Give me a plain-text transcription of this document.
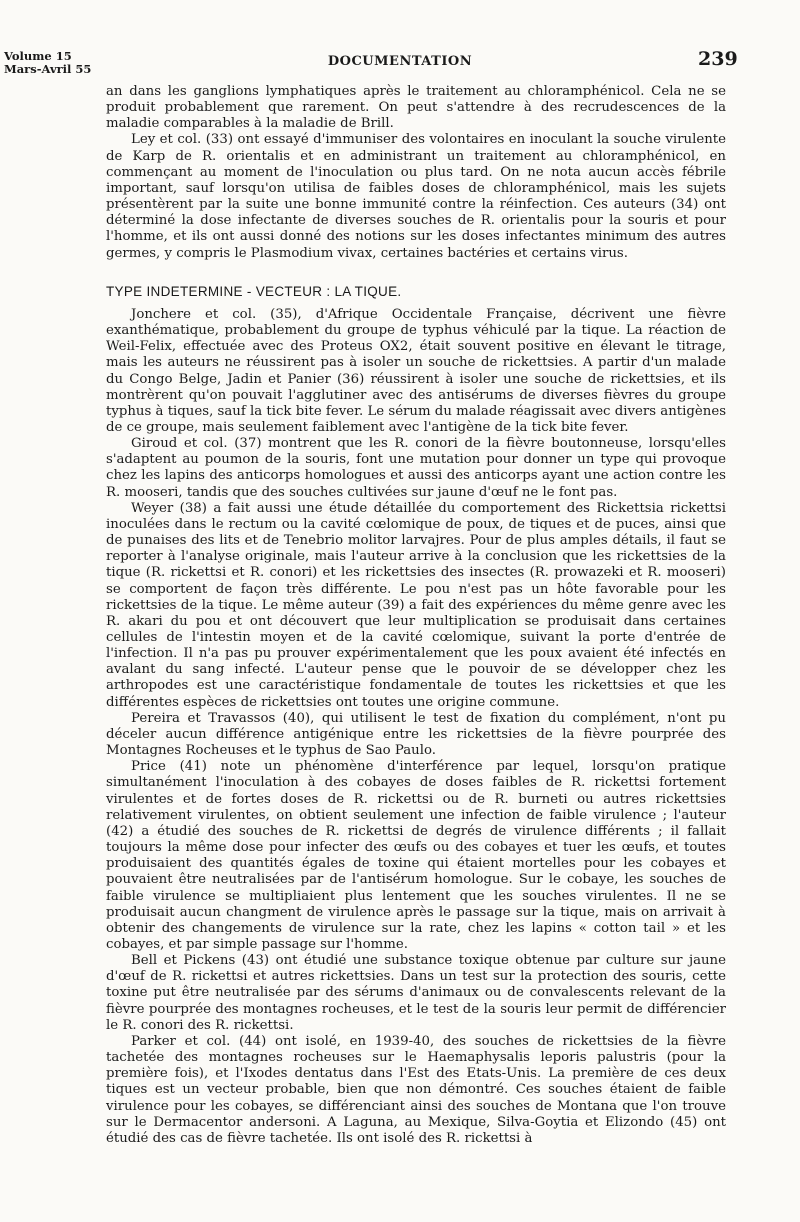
Volume 15
Mars-Avril 55	DOCUMENTATION	239

an dans les ganglions lymphatiques après le traitement au chloramphénicol. Cela ne se produit probablement que rarement. On peut s'attendre à des recrudescences de la maladie comparables à la maladie de Brill.

Ley et col. (33) ont essayé d'immuniser des volontaires en inoculant la souche virulente de Karp de R. orientalis et en administrant un traitement au chloramphénicol, en commençant au moment de l'inoculation ou plus tard. On ne nota aucun accès fébrile important, sauf lorsqu'on utilisa de faibles doses de chloramphénicol, mais les sujets présentèrent par la suite une bonne immunité contre la réinfection. Ces auteurs (34) ont déterminé la dose infectante de diverses souches de R. orientalis pour la souris et pour l'homme, et ils ont aussi donné des notions sur les doses infectantes minimum des autres germes, y compris le Plasmodium vivax, certaines bactéries et certains virus.

TYPE INDETERMINE - VECTEUR : LA TIQUE.

Jonchere et col. (35), d'Afrique Occidentale Française, décrivent une fièvre exanthématique, probablement du groupe de typhus véhiculé par la tique. La réaction de Weil-Felix, effectuée avec des Proteus OX2, était souvent positive en élevant le titrage, mais les auteurs ne réussirent pas à isoler un souche de rickettsies. A partir d'un malade du Congo Belge, Jadin et Panier (36) réussirent à isoler une souche de rickettsies, et ils montrèrent qu'on pouvait l'agglutiner avec des antisérums de diverses fièvres du groupe typhus à tiques, sauf la tick bite fever. Le sérum du malade réagissait avec divers antigènes de ce groupe, mais seulement faiblement avec l'antigène de la tick bite fever.

Giroud et col. (37) montrent que les R. conori de la fièvre boutonneuse, lorsqu'elles s'adaptent au poumon de la souris, font une mutation pour donner un type qui provoque chez les lapins des anticorps homologues et aussi des anticorps ayant une action contre les R. mooseri, tandis que des souches cultivées sur jaune d'œuf ne le font pas.

Weyer (38) a fait aussi une étude détaillée du comportement des Rickettsia rickettsi inoculées dans le rectum ou la cavité cœlomique de poux, de tiques et de puces, ainsi que de punaises des lits et de Tenebrio molitor larvajres. Pour de plus amples détails, il faut se reporter à l'analyse originale, mais l'auteur arrive à la conclusion que les rickettsies de la tique (R. rickettsi et R. conori) et les rickettsies des insectes (R. prowazeki et R. mooseri) se comportent de façon très différente. Le pou n'est pas un hôte favorable pour les rickettsies de la tique. Le même auteur (39) a fait des expériences du même genre avec les R. akari du pou et ont découvert que leur multiplication se produisait dans certaines cellules de l'intestin moyen et de la cavité cœlomique, suivant la porte d'entrée de l'infection. Il n'a pas pu prouver expérimentalement que les poux avaient été infectés en avalant du sang infecté. L'auteur pense que le pouvoir de se développer chez les arthropodes est une caractéristique fondamentale de toutes les rickettsies et que les différentes espèces de rickettsies ont toutes une origine commune.

Pereira et Travassos (40), qui utilisent le test de fixation du complément, n'ont pu déceler aucun différence antigénique entre les rickettsies de la fièvre pourprée des Montagnes Rocheuses et le typhus de Sao Paulo.

Price (41) note un phénomène d'interférence par lequel, lorsqu'on pratique simultanément l'inoculation à des cobayes de doses faibles de R. rickettsi fortement virulentes et de fortes doses de R. rickettsi ou de R. burneti ou autres rickettsies relativement virulentes, on obtient seulement une infection de faible virulence ; l'auteur (42) a étudié des souches de R. rickettsi de degrés de virulence différents ; il fallait toujours la même dose pour infecter des œufs ou des cobayes et tuer les œufs, et toutes produisaient des quantités égales de toxine qui étaient mortelles pour les cobayes et pouvaient être neutralisées par de l'antisérum homologue. Sur le cobaye, les souches de faible virulence se multipliaient plus lentement que les souches virulentes. Il ne se produisait aucun changment de virulence après le passage sur la tique, mais on arrivait à obtenir des changements de virulence sur la rate, chez les lapins « cotton tail » et les cobayes, et par simple passage sur l'homme.

Bell et Pickens (43) ont étudié une substance toxique obtenue par culture sur jaune d'œuf de R. rickettsi et autres rickettsies. Dans un test sur la protection des souris, cette toxine put être neutralisée par des sérums d'animaux ou de convalescents relevant de la fièvre pourprée des montagnes rocheuses, et le test de la souris leur permit de différencier le R. conori des R. rickettsi.

Parker et col. (44) ont isolé, en 1939-40, des souches de rickettsies de la fièvre tachetée des montagnes rocheuses sur le Haemaphysalis leporis palustris (pour la première fois), et l'Ixodes dentatus dans l'Est des Etats-Unis. La première de ces deux tiques est un vecteur probable, bien que non démontré. Ces souches étaient de faible virulence pour les cobayes, se différenciant ainsi des souches de Montana que l'on trouve sur le Dermacentor andersoni. A Laguna, au Mexique, Silva-Goytia et Elizondo (45) ont étudié des cas de fièvre tachetée. Ils ont isolé des R. rickettsi à
